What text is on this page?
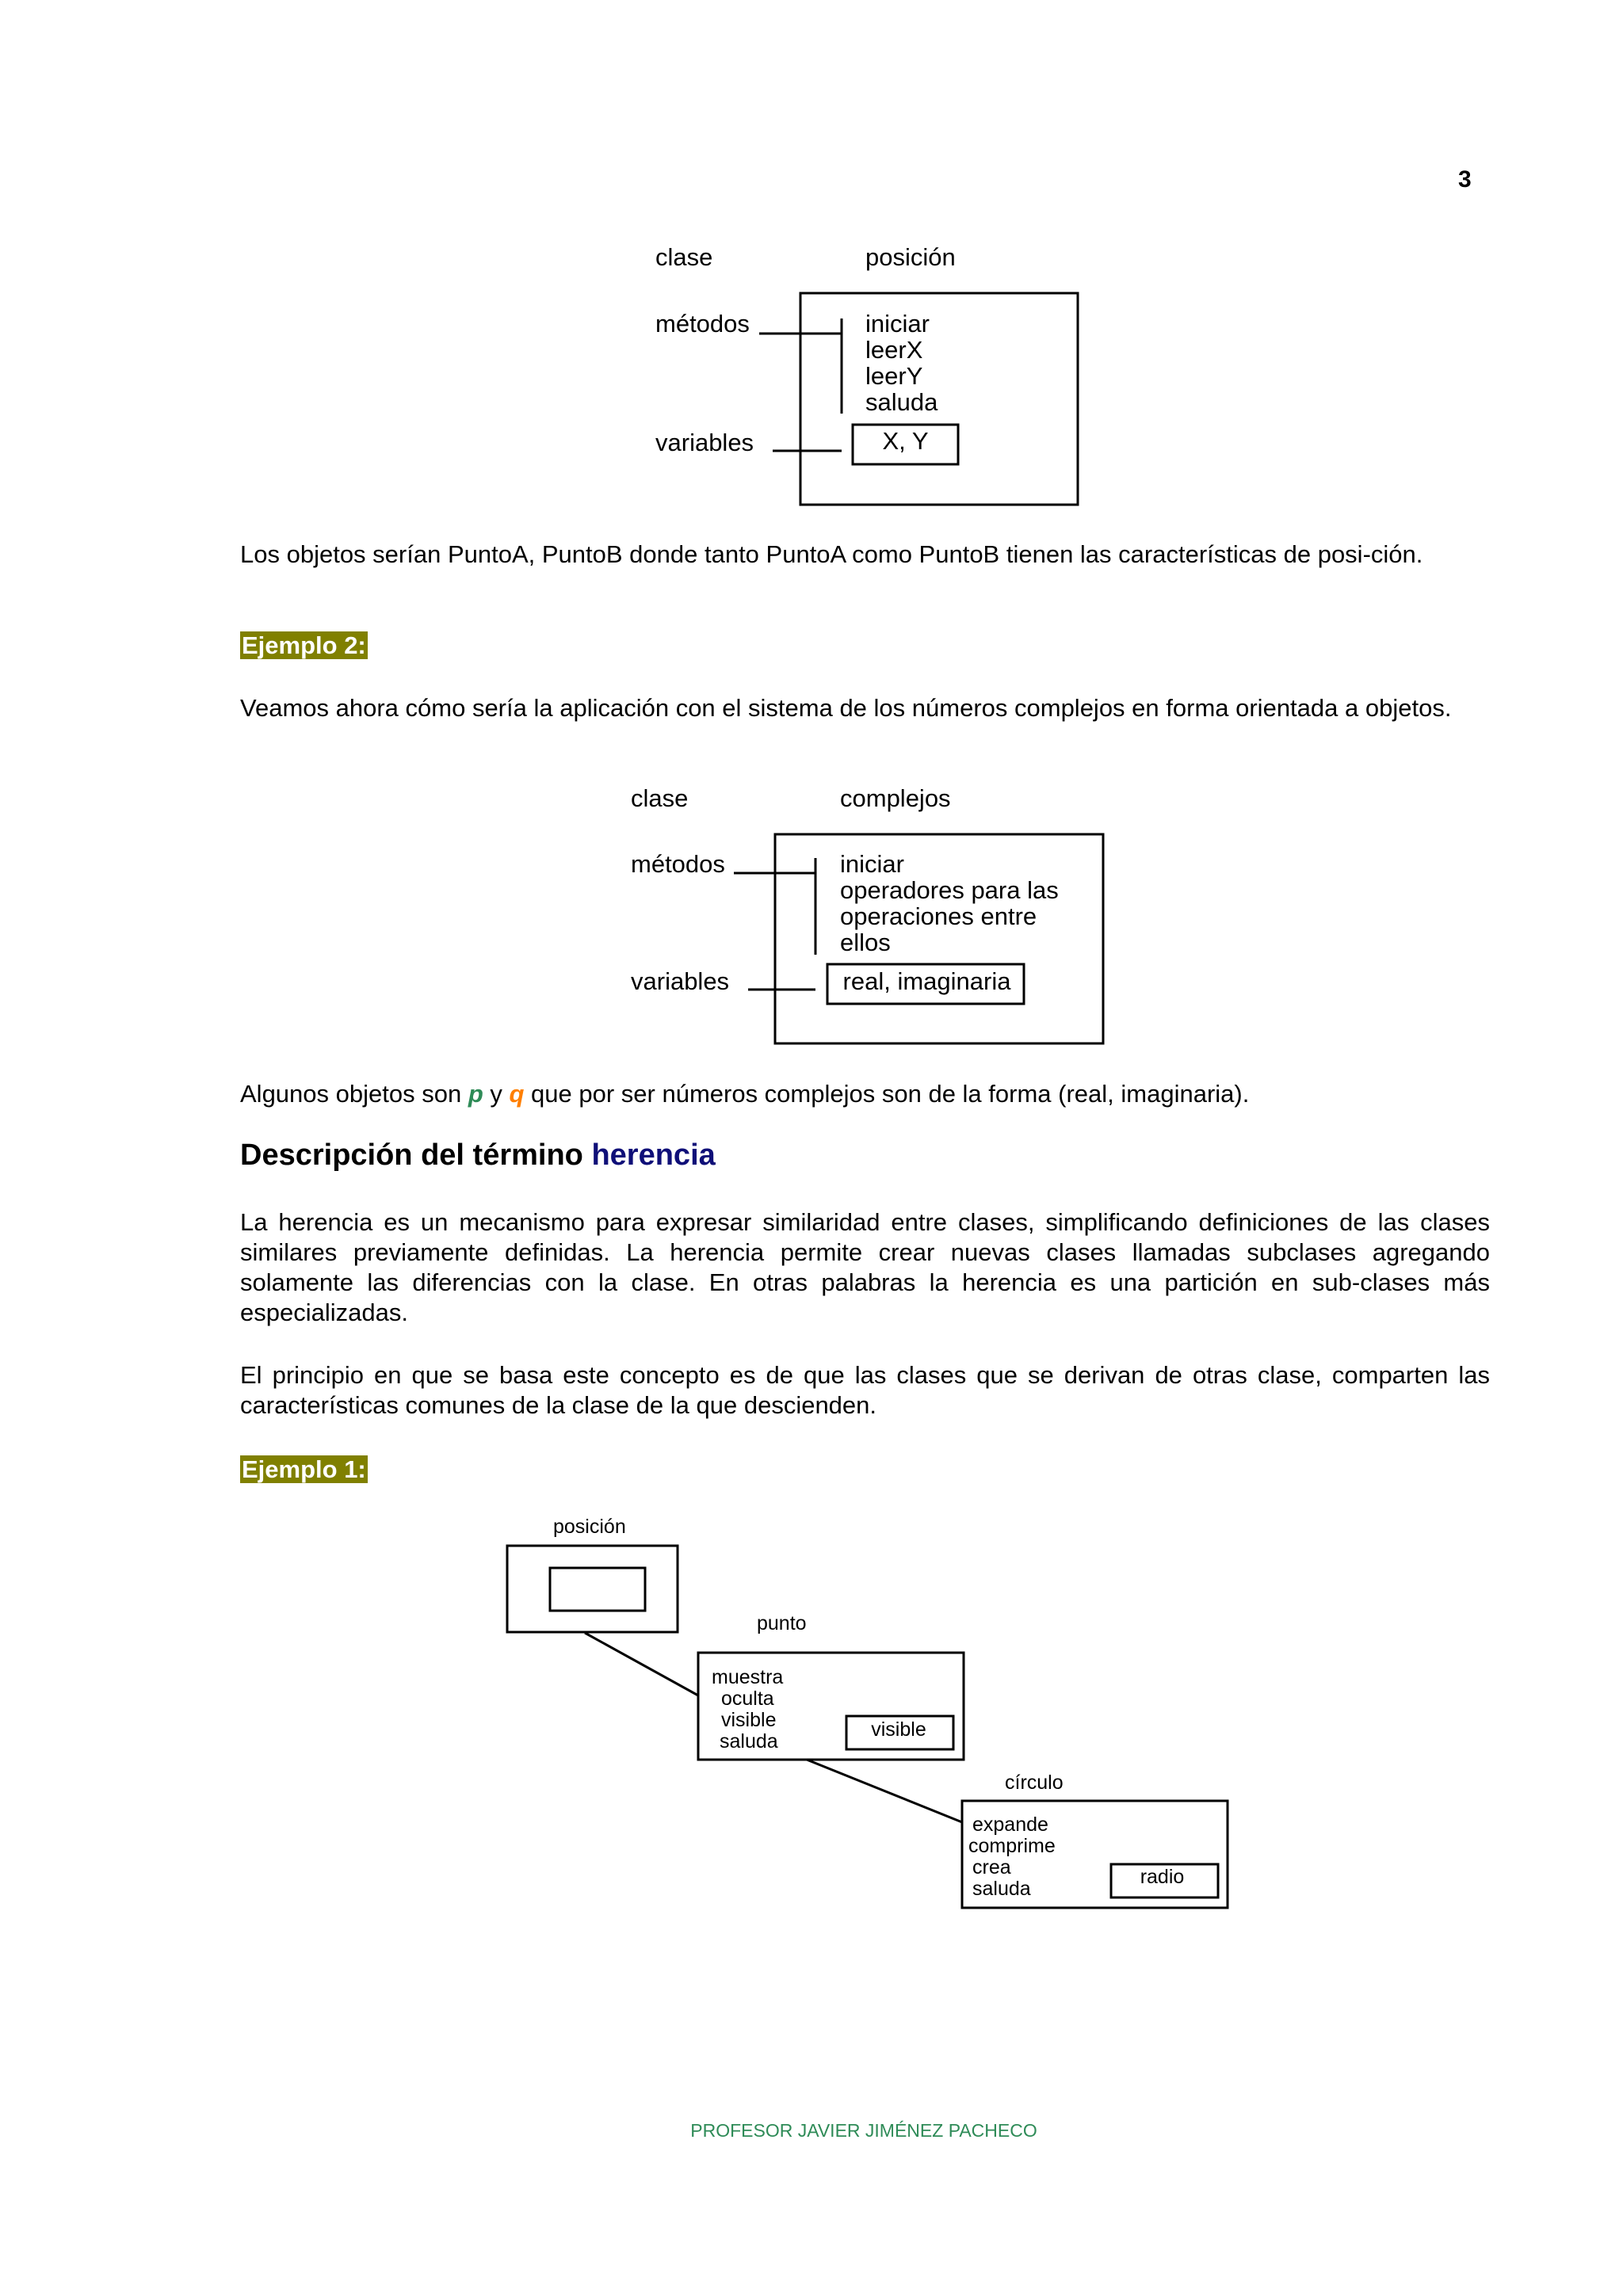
3
clase	posición
métodos	iniciar
leerX
leerY
saluda
variables	X, Y

Los objetos serían PuntoA, PuntoB donde tanto PuntoA como PuntoB tienen las características de posi-ción.

Ejemplo 2:

Veamos ahora cómo sería la aplicación con el sistema de los números complejos en forma orientada a objetos.

clase	complejos
métodos	iniciar
operadores para las
operaciones entre
ellos
variables	real, imaginaria

Algunos objetos son p y q que por ser números complejos son de la forma (real, imaginaria).

Descripción del término herencia

La herencia es un mecanismo para expresar similaridad entre clases, simplificando definiciones de las clases similares previamente definidas. La herencia permite crear nuevas clases llamadas subclases agregando solamente las diferencias con la clase. En otras palabras la herencia es una partición en sub-clases más especializadas.

El principio en que se basa este concepto es de que las clases que se derivan de otras clase, comparten las características comunes de la clase de la que descienden.

Ejemplo 1:
posición
punto
muestra
oculta
visible
saluda
visible
círculo
expande
comprime
crea
saluda
radio
PROFESOR JAVIER JIMÉNEZ PACHECO
